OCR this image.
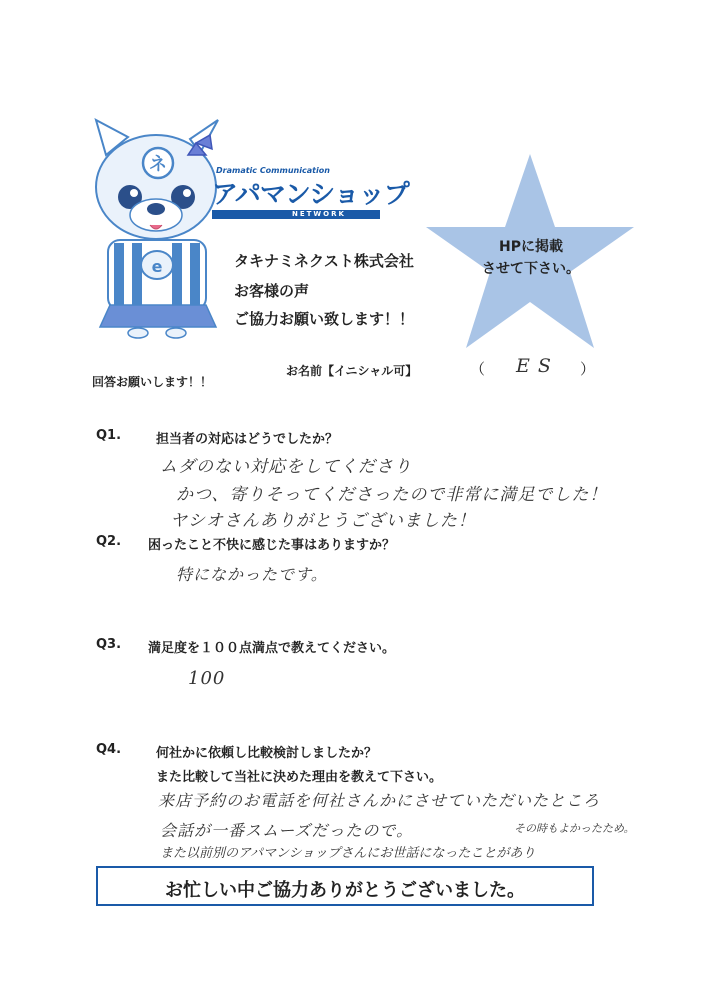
ネ
e
Dramatic Communication
アパマンショップ
NETWORK
タキナミネクスト株式会社
お客様の声
ご協力お願い致します！！
HPに掲載
させて下さい。
回答お願いします！！
お名前【イニシャル可】	（ ES ）
Q1.	担当者の対応はどうでしたか？
ムダのない対応をしてくださり
かつ、寄りそってくださったので非常に満足でした！
ヤシオさんありがとうございました！
Q2. 困ったこと不快に感じた事はありますか？
特になかったです。
Q3. 満足度を１００点満点で教えてください。
100
Q4.	何社かに依頼し比較検討しましたか？
また比較して当社に決めた理由を教えて下さい。
来店予約のお電話を何社さんかにさせていただいたところ
会話が一番スムーズだったので。	その時もよかったため。
また以前別のアパマンショップさんにお世話になったことがあり
お忙しい中ご協力ありがとうございました。
